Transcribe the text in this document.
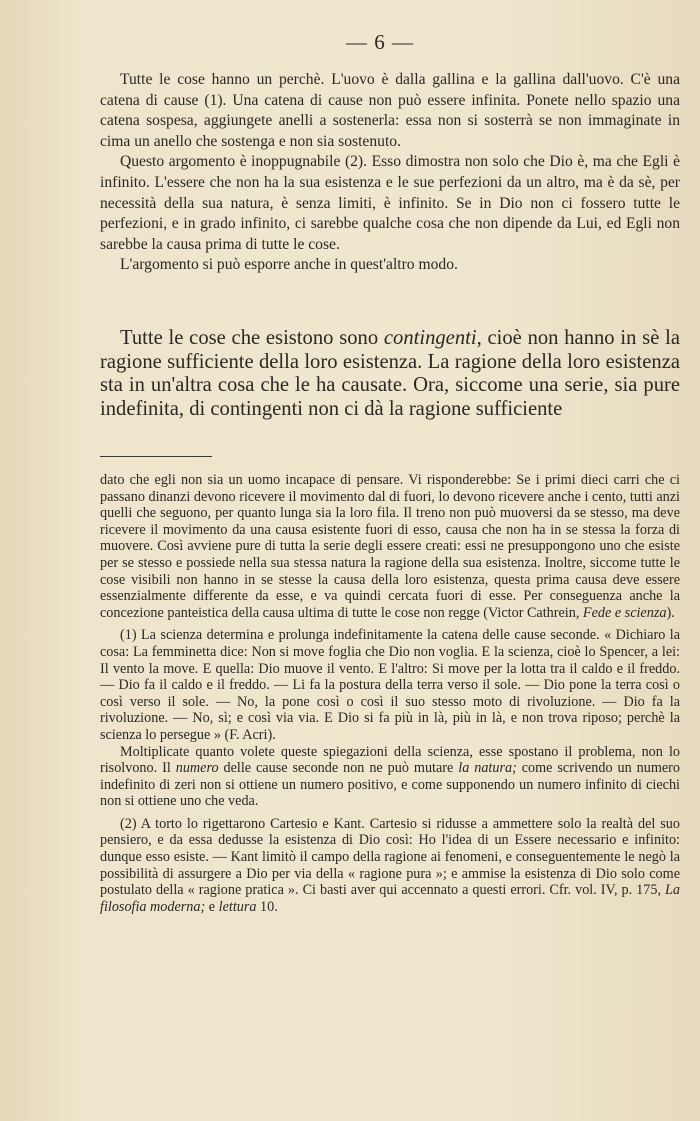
— 6 —

Tutte le cose hanno un perchè. L'uovo è dalla gallina e la gallina dall'uovo. C'è una catena di cause (1). Una catena di cause non può essere infinita. Ponete nello spazio una catena sospesa, aggiungete anelli a sostenerla: essa non si sosterrà se non immaginate in cima un anello che sostenga e non sia sostenuto.

Questo argomento è inoppugnabile (2). Esso dimostra non solo che Dio è, ma che Egli è infinito. L'essere che non ha la sua esistenza e le sue perfezioni da un altro, ma è da sè, per necessità della sua natura, è senza limiti, è infinito. Se in Dio non ci fossero tutte le perfezioni, e in grado infinito, ci sarebbe qualche cosa che non dipende da Lui, ed Egli non sarebbe la causa prima di tutte le cose.

L'argomento si può esporre anche in quest'altro modo.

Tutte le cose che esistono sono contingenti, cioè non hanno in sè la ragione sufficiente della loro esistenza. La ragione della loro esistenza sta in un'altra cosa che le ha causate. Ora, siccome una serie, sia pure indefinita, di contingenti non ci dà la ragione sufficiente

dato che egli non sia un uomo incapace di pensare. Vi risponderebbe: Se i primi dieci carri che ci passano dinanzi devono ricevere il movimento dal di fuori, lo devono ricevere anche i cento, tutti anzi quelli che seguono, per quanto lunga sia la loro fila. Il treno non può muoversi da se stesso, ma deve ricevere il movimento da una causa esistente fuori di esso, causa che non ha in se stessa la forza di muovere. Così avviene pure di tutta la serie degli essere creati: essi ne presuppongono uno che esiste per se stesso e possiede nella sua stessa natura la ragione della sua esistenza. Inoltre, siccome tutte le cose visibili non hanno in se stesse la causa della loro esistenza, questa prima causa deve essere essenzialmente differente da esse, e va quindi cercata fuori di esse. Per conseguenza anche la concezione panteistica della causa ultima di tutte le cose non regge (Victor Cathrein, Fede e scienza).

(1) La scienza determina e prolunga indefinitamente la catena delle cause seconde. « Dichiaro la cosa: La femminetta dice: Non si move foglia che Dio non voglia. E la scienza, cioè lo Spencer, a lei: Il vento la move. E quella: Dio muove il vento. E l'altro: Si move per la lotta tra il caldo e il freddo. — Dio fa il caldo e il freddo. — Li fa la postura della terra verso il sole. — Dio pone la terra così o così verso il sole. — No, la pone così o così il suo stesso moto di rivoluzione. — Dio fa la rivoluzione. — No, sì; e così via via. E Dio si fa più in là, più in là, e non trova riposo; perchè la scienza lo persegue » (F. Acri).

Moltiplicate quanto volete queste spiegazioni della scienza, esse spostano il problema, non lo risolvono. Il numero delle cause seconde non ne può mutare la natura; come scrivendo un numero indefinito di zeri non si ottiene un numero positivo, e come supponendo un numero infinito di ciechi non si ottiene uno che veda.

(2) A torto lo rigettarono Cartesio e Kant. Cartesio si ridusse a ammettere solo la realtà del suo pensiero, e da essa dedusse la esistenza di Dio così: Ho l'idea di un Essere necessario e infinito: dunque esso esiste. — Kant limitò il campo della ragione ai fenomeni, e conseguentemente le negò la possibilità di assurgere a Dio per via della « ragione pura »; e ammise la esistenza di Dio solo come postulato della « ragione pratica ». Ci basti aver qui accennato a questi errori. Cfr. vol. IV, p. 175, La filosofia moderna; e lettura 10.
